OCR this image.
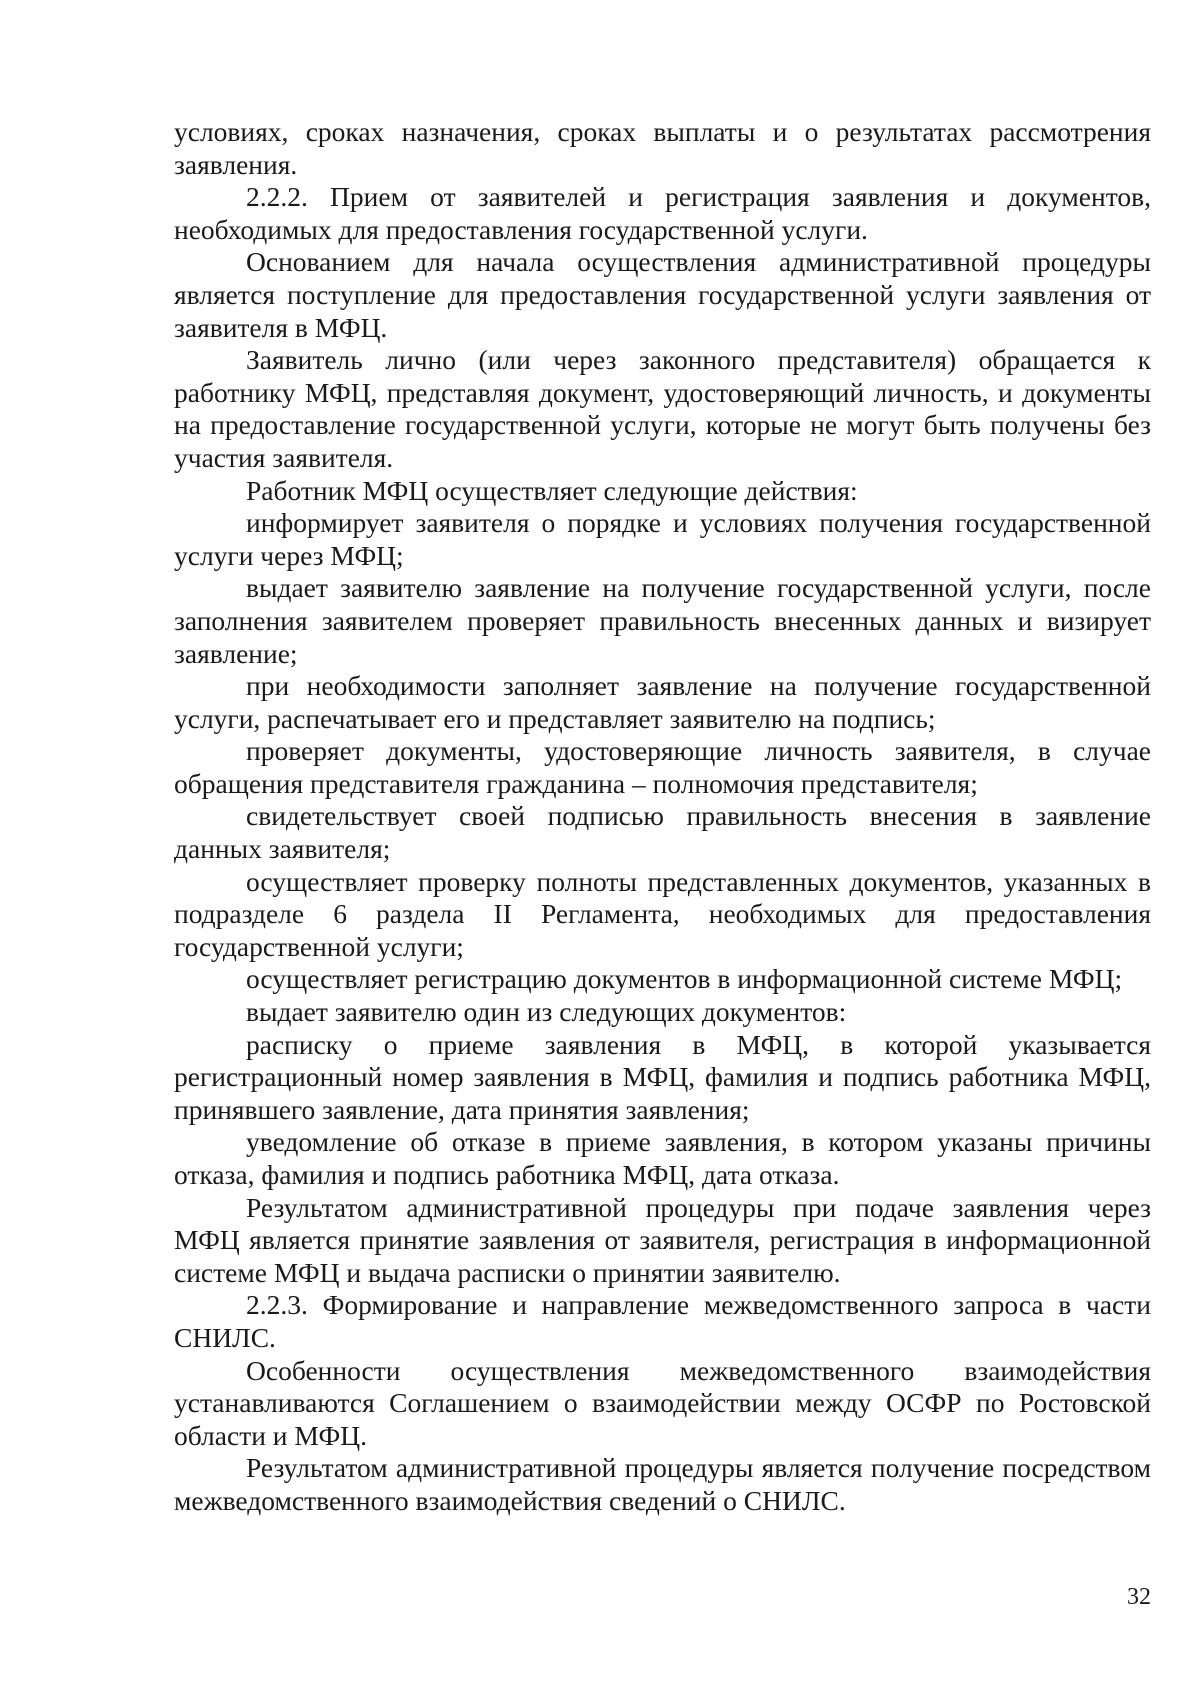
условиях, сроках назначения, сроках выплаты и о результатах рассмотрения заявления.

2.2.2. Прием от заявителей и регистрация заявления и документов, необходимых для предоставления государственной услуги.

Основанием для начала осуществления административной процедуры является поступление для предоставления государственной услуги заявления от заявителя в МФЦ.

Заявитель лично (или через законного представителя) обращается к работнику МФЦ, представляя документ, удостоверяющий личность, и документы на предоставление государственной услуги, которые не могут быть получены без участия заявителя.

Работник МФЦ осуществляет следующие действия:

информирует заявителя о порядке и условиях получения государственной услуги через МФЦ;

выдает заявителю заявление на получение государственной услуги, после заполнения заявителем проверяет правильность внесенных данных и визирует заявление;

при необходимости заполняет заявление на получение государственной услуги, распечатывает его и представляет заявителю на подпись;

проверяет документы, удостоверяющие личность заявителя, в случае обращения представителя гражданина – полномочия представителя;

свидетельствует своей подписью правильность внесения в заявление данных заявителя;

осуществляет проверку полноты представленных документов, указанных в подразделе 6 раздела II Регламента, необходимых для предоставления государственной услуги;

осуществляет регистрацию документов в информационной системе МФЦ;

выдает заявителю один из следующих документов:

расписку о приеме заявления в МФЦ, в которой указывается регистрационный номер заявления в МФЦ, фамилия и подпись работника МФЦ, принявшего заявление, дата принятия заявления;

уведомление об отказе в приеме заявления, в котором указаны причины отказа, фамилия и подпись работника МФЦ, дата отказа.

Результатом административной процедуры при подаче заявления через МФЦ является принятие заявления от заявителя, регистрация в информационной системе МФЦ и выдача расписки о принятии заявителю.

2.2.3. Формирование и направление межведомственного запроса в части СНИЛС.

Особенности осуществления межведомственного взаимодействия устанавливаются Соглашением о взаимодействии между ОСФР по Ростовской области и МФЦ.

Результатом административной процедуры является получение посредством межведомственного взаимодействия сведений о СНИЛС.

32
